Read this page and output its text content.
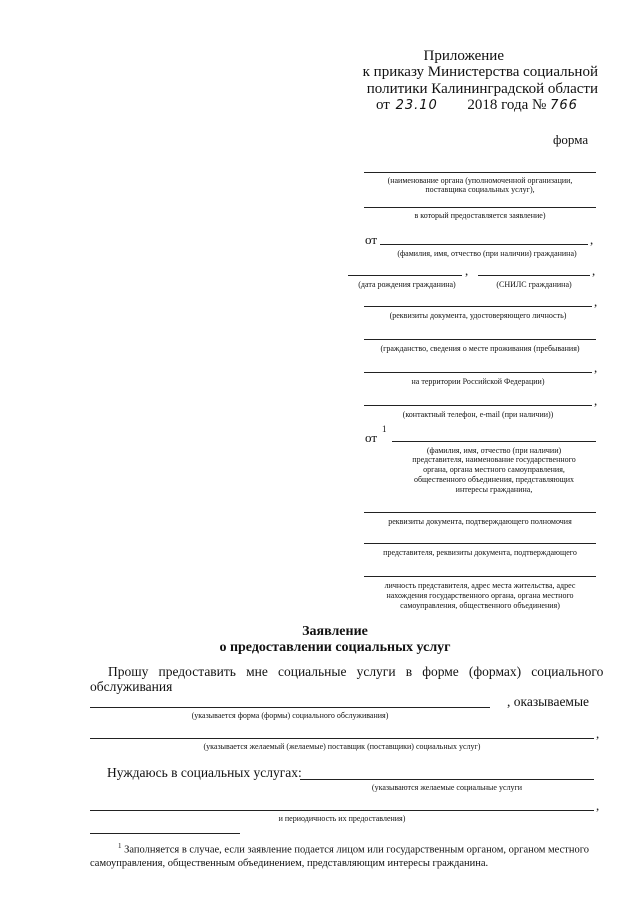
Приложение
к приказу Министерства социальной
политики Калининградской области
от 23.10 2018 года № 766
форма
(наименование органа (уполномоченной организации,
поставщика социальных услуг),
в который предоставляется заявление)
от	,
(фамилия, имя, отчество (при наличии) гражданина)
,	,
(дата рождения гражданина)	(СНИЛС гражданина)
,
(реквизиты документа, удостоверяющего личность)
(гражданство, сведения о месте проживания (пребывания)
,
на территории Российской Федерации)
,
(контактный телефон, e-mail (при наличии))
от
1
(фамилия, имя, отчество (при наличии)
представителя, наименование государственного
органа, органа местного самоуправления,
общественного объединения, представляющих
интересы гражданина,
реквизиты документа, подтверждающего полномочия
представителя, реквизиты документа, подтверждающего
личность представителя, адрес места жительства, адрес
нахождения государственного органа, органа местного
самоуправления, общественного объединения)
Заявление
о предоставлении социальных услуг
Прошу   предоставить   мне   социальные   услуги   в   форме   (формах)   социального
обслуживания
, оказываемые
(указывается форма (формы) социального обслуживания)
,
(указывается желаемый (желаемые) поставщик (поставщики) социальных услуг)
Нуждаюсь в социальных услугах:
(указываются желаемые социальные услуги
,
и периодичность их предоставления)
$^1$ Заполняется в случае, если заявление подается лицом или государственным органом, органом местного
самоуправления, общественным объединением, представляющим интересы гражданина.
